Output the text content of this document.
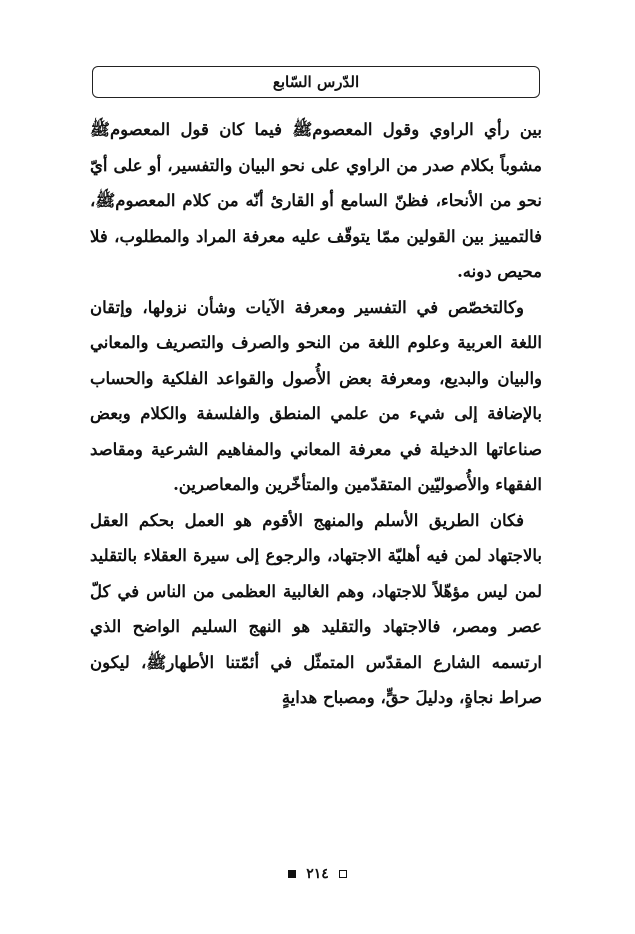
الدّرس السّابع

بين رأي الراوي وقول المعصوم‏‎ﷺ‏ فيما كان قول المعصوم‏‎ﷺ‏ مشوباً بكلام صدر من الراوي على نحو البيان والتفسير، أو على أيّ نحو من الأنحاء، فظنّ السامع أو القارئ أنّه من كلام المعصوم‏‎ﷺ‏، فالتمييز بين القولين ممّا يتوقّف عليه معرفة المراد والمطلوب، فلا محيص دونه.

وكالتخصّص في التفسير ومعرفة الآيات وشأن نزولها، وإتقان اللغة العربية وعلوم اللغة من النحو والصرف والتصريف والمعاني والبيان والبديع، ومعرفة بعض الأُصول والقواعد الفلكية والحساب بالإضافة إلى شيء من علمي المنطق والفلسفة والكلام وبعض صناعاتها الدخيلة في معرفة المعاني والمفاهيم الشرعية ومقاصد الفقهاء والأُصوليّين المتقدّمين والمتأخّرين والمعاصرين.

فكان الطريق الأسلم والمنهج الأقوم هو العمل بحكم العقل بالاجتهاد لمن فيه أهليّة الاجتهاد، والرجوع إلى سيرة العقلاء بالتقليد لمن ليس مؤهّلاً للاجتهاد، وهم الغالبية العظمى من الناس في كلّ عصر ومصر، فالاجتهاد والتقليد هو النهج السليم الواضح الذي ارتسمه الشارع المقدّس المتمثّل في أئمّتنا الأطهار‏‎ﷺ‏، ليكون صراط نجاةٍ، ودليلَ حقٍّ، ومصباح هدايةٍ

٢١٤
